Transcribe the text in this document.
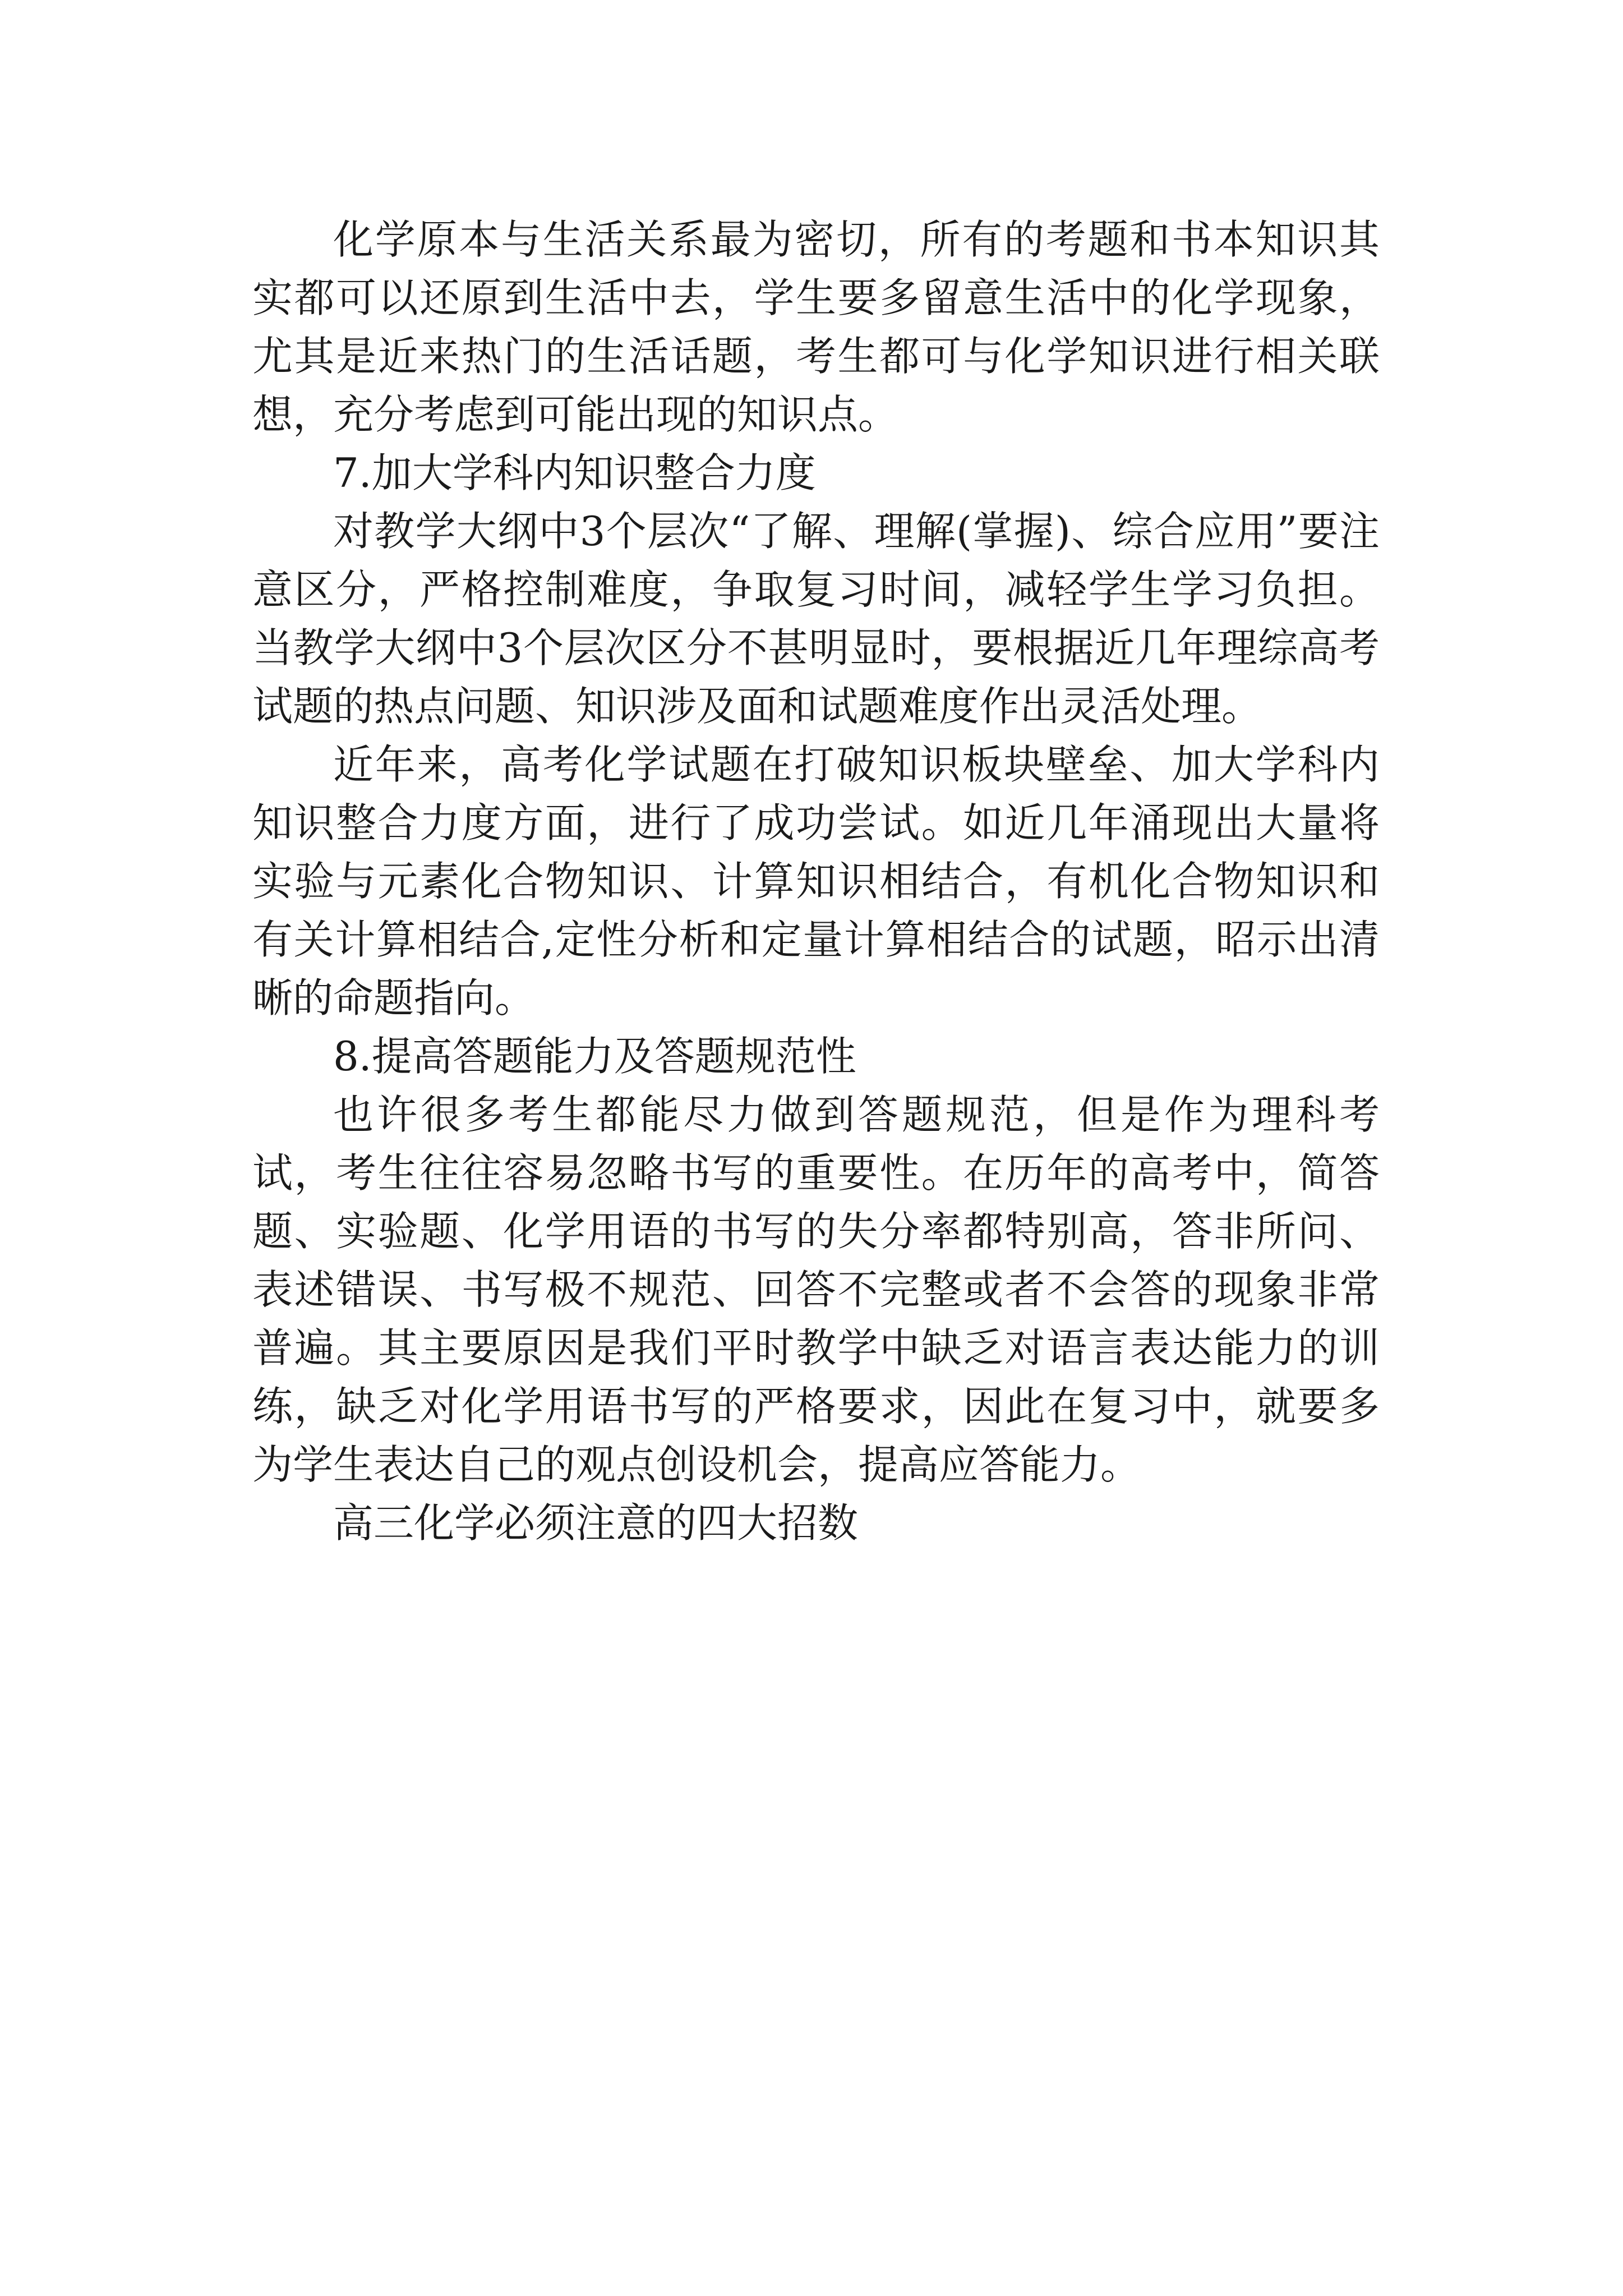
化学原本与生活关系最为密切，所有的考题和书本知识其实都可以还原到生活中去，学生要多留意生活中的化学现象，尤其是近来热门的生活话题，考生都可与化学知识进行相关联想，充分考虑到可能出现的知识点。

7.加大学科内知识整合力度

对教学大纲中3个层次“了解、理解(掌握)、综合应用”要注意区分，严格控制难度，争取复习时间，减轻学生学习负担。当教学大纲中3个层次区分不甚明显时，要根据近几年理综高考试题的热点问题、知识涉及面和试题难度作出灵活处理。

近年来，高考化学试题在打破知识板块壁垒、加大学科内知识整合力度方面，进行了成功尝试。如近几年涌现出大量将实验与元素化合物知识、计算知识相结合，有机化合物知识和有关计算相结合,定性分析和定量计算相结合的试题，昭示出清晰的命题指向。

8.提高答题能力及答题规范性

也许很多考生都能尽力做到答题规范，但是作为理科考试，考生往往容易忽略书写的重要性。在历年的高考中，简答题、实验题、化学用语的书写的失分率都特别高，答非所问、表述错误、书写极不规范、回答不完整或者不会答的现象非常普遍。其主要原因是我们平时教学中缺乏对语言表达能力的训练，缺乏对化学用语书写的严格要求，因此在复习中，就要多为学生表达自己的观点创设机会，提高应答能力。

高三化学必须注意的四大招数
